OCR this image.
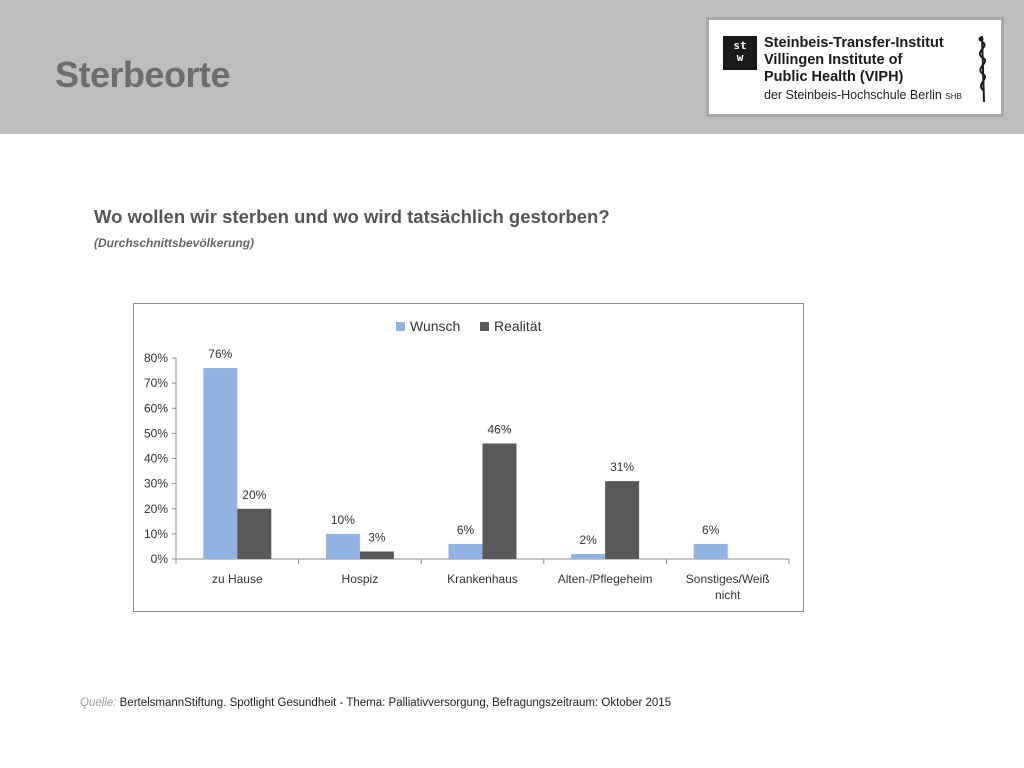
Sterbeorte
st
w
Steinbeis-Transfer-Institut
Villingen Institute of
Public Health (VIPH)
der Steinbeis-Hochschule Berlin SHB
Wo wollen wir sterben und wo wird tatsächlich gestorben?
(Durchschnittsbevölkerung)
0%
10%
20%
30%
40%
50%
60%
70%
80%
zu Hause	Hospiz	Krankenhaus	Alten-/Pflegeheim	Sonstiges/Weiß nicht
76%
10%
6%
2%
6%
20%
3%
46%
31%
Wunsch Realität
Quelle: BertelsmannStiftung. Spotlight Gesundheit - Thema: Palliativversorgung, Befragungszeitraum: Oktober 2015
